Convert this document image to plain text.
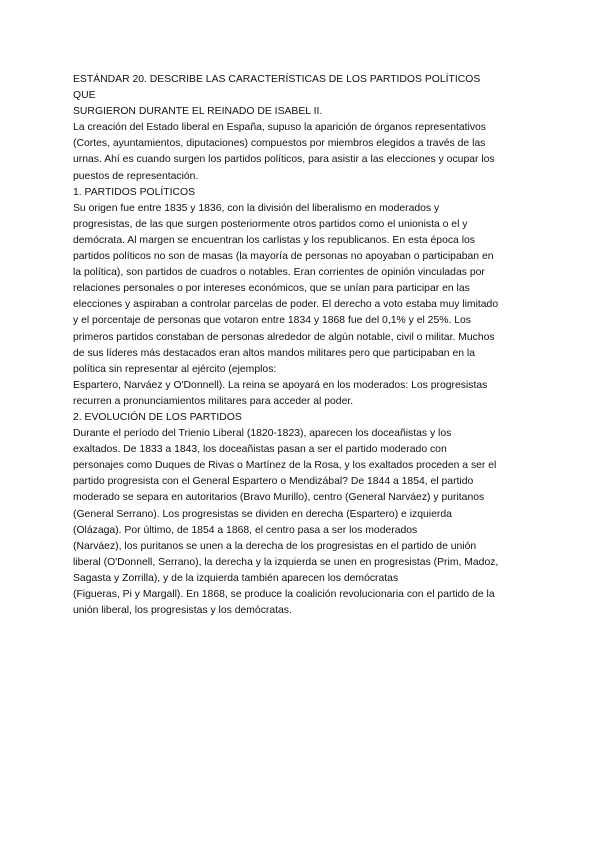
ESTÁNDAR 20. DESCRIBE LAS CARACTERÍSTICAS DE LOS PARTIDOS POLÍTICOS
QUE
SURGIERON DURANTE EL REINADO DE ISABEL II.
La creación del Estado liberal en España, supuso la aparición de órganos representativos
(Cortes, ayuntamientos, diputaciones) compuestos por miembros elegidos a través de las
urnas. Ahí es cuando surgen los partidos políticos, para asistir a las elecciones y ocupar los
puestos de representación.
1. PARTIDOS POLÍTICOS
Su origen fue entre 1835 y 1836, con la división del liberalismo en moderados y
progresistas, de las que surgen posteriormente otros partidos como el unionista o el y
demócrata. Al margen se encuentran los carlistas y los republicanos. En esta época los
partidos políticos no son de masas (la mayoría de personas no apoyaban o participaban en
la política), son partidos de cuadros o notables. Eran corrientes de opinión vinculadas por
relaciones personales o por intereses económicos, que se unían para participar en las
elecciones y aspiraban a controlar parcelas de poder. El derecho a voto estaba muy limitado
y el porcentaje de personas que votaron entre 1834 y 1868 fue del 0,1% y el 25%. Los
primeros partidos constaban de personas alrededor de algún notable, civil o militar. Muchos
de sus líderes más destacados eran altos mandos militares pero que participaban en la
política sin representar al ejército (ejemplos:
Espartero, Narváez y O'Donnell). La reina se apoyará en los moderados: Los progresistas
recurren a pronunciamientos militares para acceder al poder.
2. EVOLUCIÓN DE LOS PARTIDOS
Durante el período del Trienio Liberal (1820-1823), aparecen los doceañistas y los
exaltados. De 1833 a 1843, los doceañistas pasan a ser el partido moderado con
personajes como Duques de Rivas o Martínez de la Rosa, y los exaltados proceden a ser el
partido progresista con el General Espartero o Mendizábal? De 1844 a 1854, el partido
moderado se separa en autoritarios (Bravo Murillo), centro (General Narváez) y puritanos
(General Serrano). Los progresistas se dividen en derecha (Espartero) e izquierda
(Olázaga). Por último, de 1854 a 1868, el centro pasa a ser los moderados
(Narváez), los puritanos se unen a la derecha de los progresistas en el partido de unión
liberal (O'Donnell, Serrano), la derecha y la izquierda se unen en progresistas (Prim, Madoz,
Sagasta y Zorrilla), y de la izquierda también aparecen los demócratas
(Figueras, Pi y Margall). En 1868, se produce la coalición revolucionaria con el partido de la
unión liberal, los progresistas y los demócratas.
